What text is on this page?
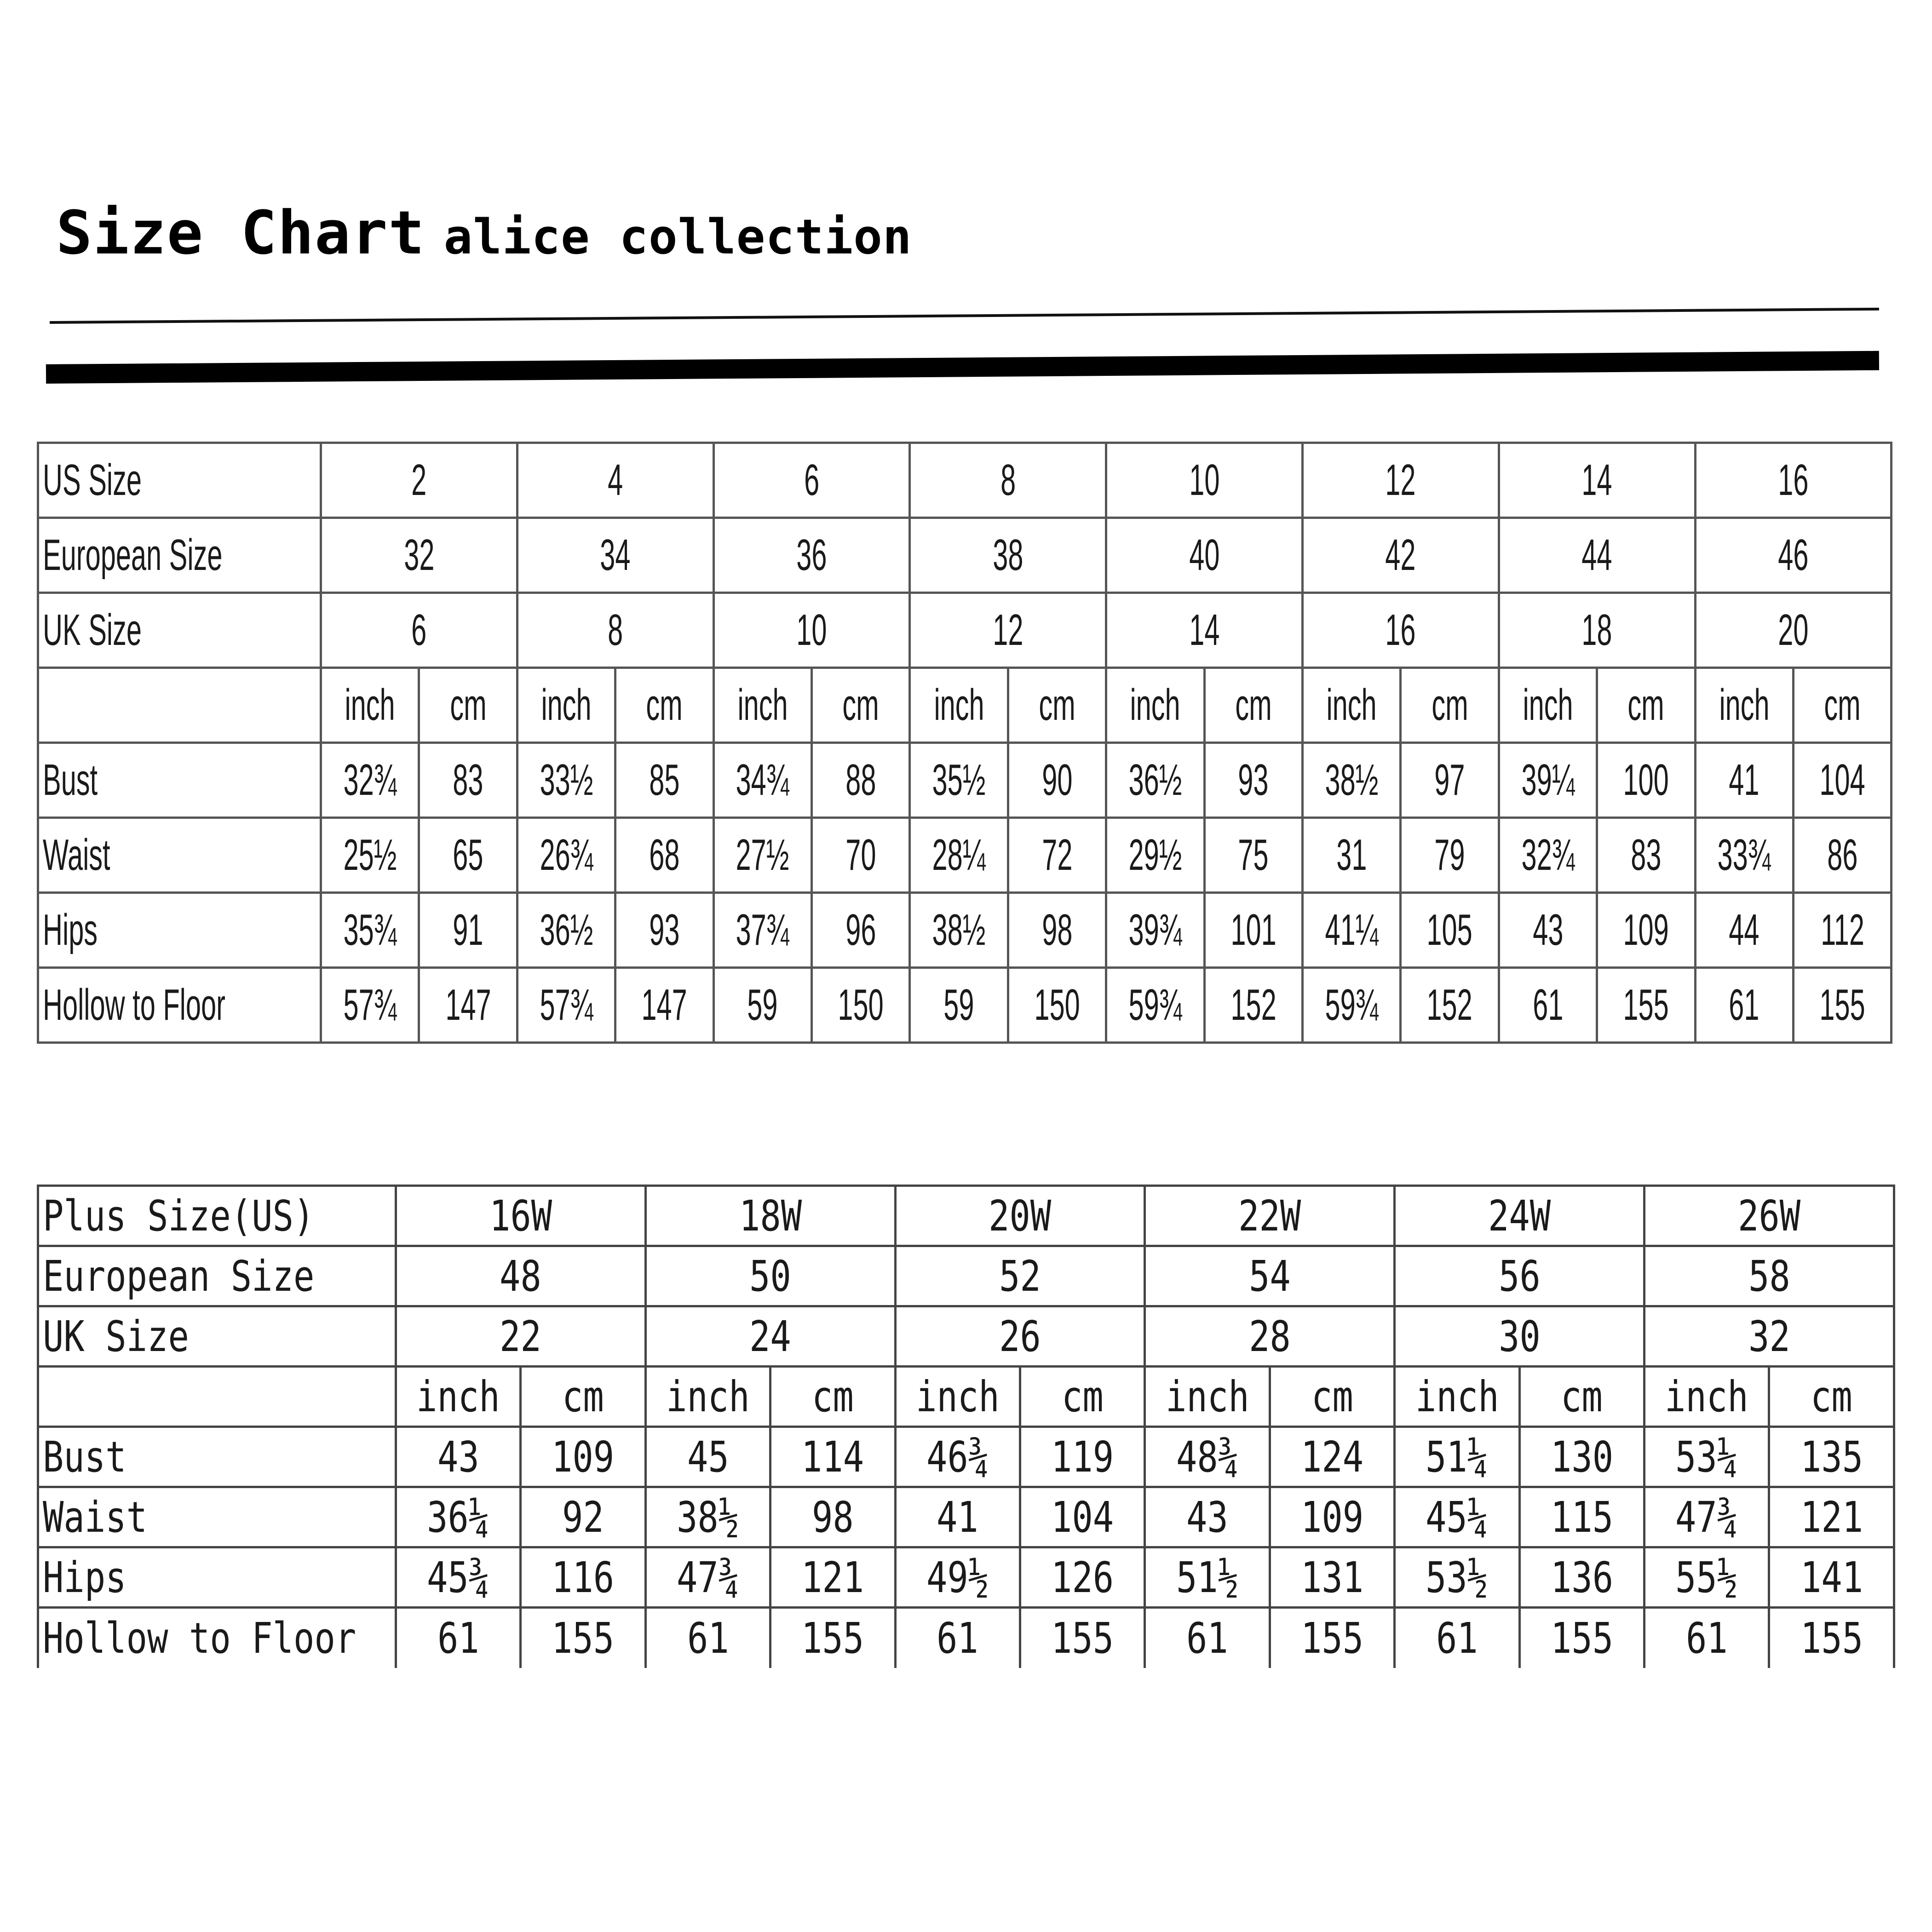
Size Chart alice collection
US Size	2		4		6		8		10		12		14		16	
European Size	32		34		36		38		40		42		44		46	
UK Size	6		8		10		12		14		16		18		20	
	inch	cm	inch	cm	inch	cm	inch	cm	inch	cm	inch	cm	inch	cm	inch	cm
Bust	32¾	83	33½	85	34¾	88	35½	90	36½	93	38½	97	39¼	100	41	104
Waist	25½	65	26¾	68	27½	70	28¼	72	29½	75	31	79	32¾	83	33¾	86
Hips	35¾	91	36½	93	37¾	96	38½	98	39¾	101	41¼	105	43	109	44	112
Hollow to Floor	57¾	147	57¾	147	59	150	59	150	59¾	152	59¾	152	61	155	61	155
Plus Size(US)	16W		18W		20W		22W		24W		26W	
European Size	48		50		52		54		56		58	
UK Size	22		24		26		28		30		32	
	inch	cm	inch	cm	inch	cm	inch	cm	inch	cm	inch	cm
Bust	43	109	45	114	46¾	119	48¾	124	51¼	130	53¼	135
Waist	36¼	92	38½	98	41	104	43	109	45¼	115	47¾	121
Hips	45¾	116	47¾	121	49½	126	51½	131	53½	136	55½	141
Hollow to Floor	61	155	61	155	61	155	61	155	61	155	61	155
